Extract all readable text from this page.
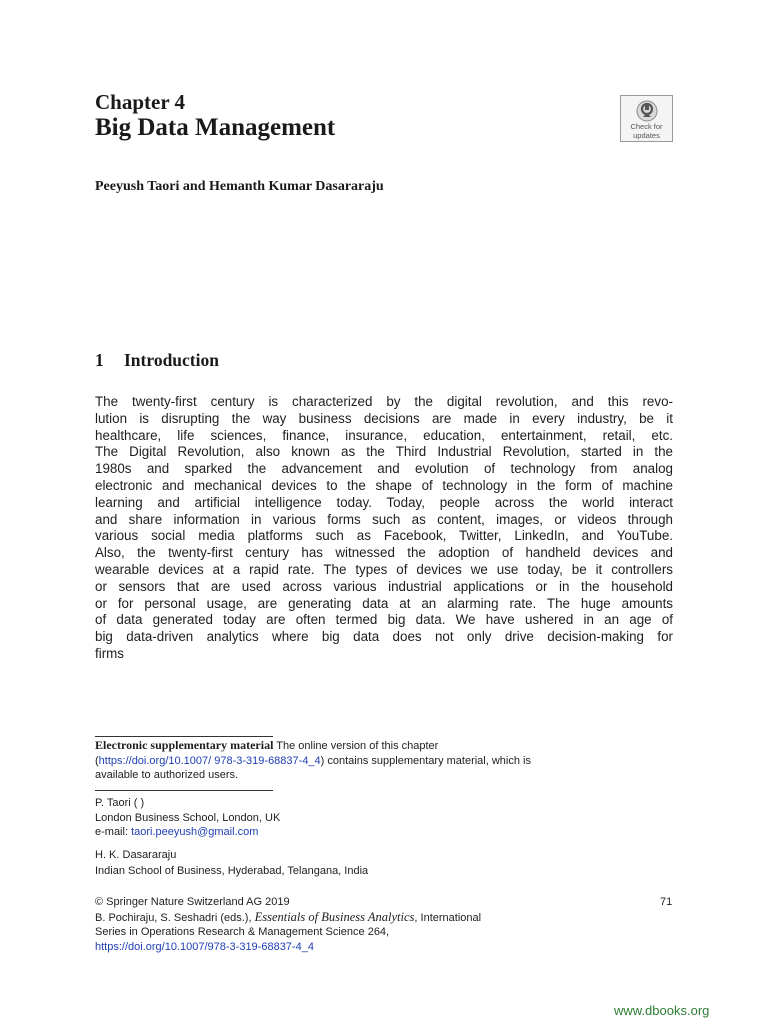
Chapter 4
Big Data Management	Check for
updates
Peeyush Taori and Hemanth Kumar Dasararaju
1 Introduction
The twenty-first century is characterized by the digital revolution, and this revo-
lution is disrupting the way business decisions are made in every industry, be it
healthcare, life sciences, finance, insurance, education, entertainment, retail, etc.
The Digital Revolution, also known as the Third Industrial Revolution, started in the
1980s and sparked the advancement and evolution of technology from analog
electronic and mechanical devices to the shape of technology in the form of machine
learning and artificial intelligence today. Today, people across the world interact
and share information in various forms such as content, images, or videos through
various social media platforms such as Facebook, Twitter, LinkedIn, and YouTube.
Also, the twenty-first century has witnessed the adoption of handheld devices and
wearable devices at a rapid rate. The types of devices we use today, be it controllers
or sensors that are used across various industrial applications or in the household
or for personal usage, are generating data at an alarming rate. The huge amounts
of data generated today are often termed big data. We have ushered in an age of
big data-driven analytics where big data does not only drive decision-making for
firms
Electronic supplementary material The online version of this chapter
(https://doi.org/10.1007/ 978-3-319-68837-4_4) contains supplementary material, which is
available to authorized users.
P. Taori ( )
London Business School, London, UK
e-mail: taori.peeyush@gmail.com
H. K. Dasararaju
Indian School of Business, Hyderabad, Telangana, India
© Springer Nature Switzerland AG 2019
B. Pochiraju, S. Seshadri (eds.), Essentials of Business Analytics, International
Series in Operations Research & Management Science 264,
https://doi.org/10.1007/978-3-319-68837-4_4
71
www.dbooks.org
